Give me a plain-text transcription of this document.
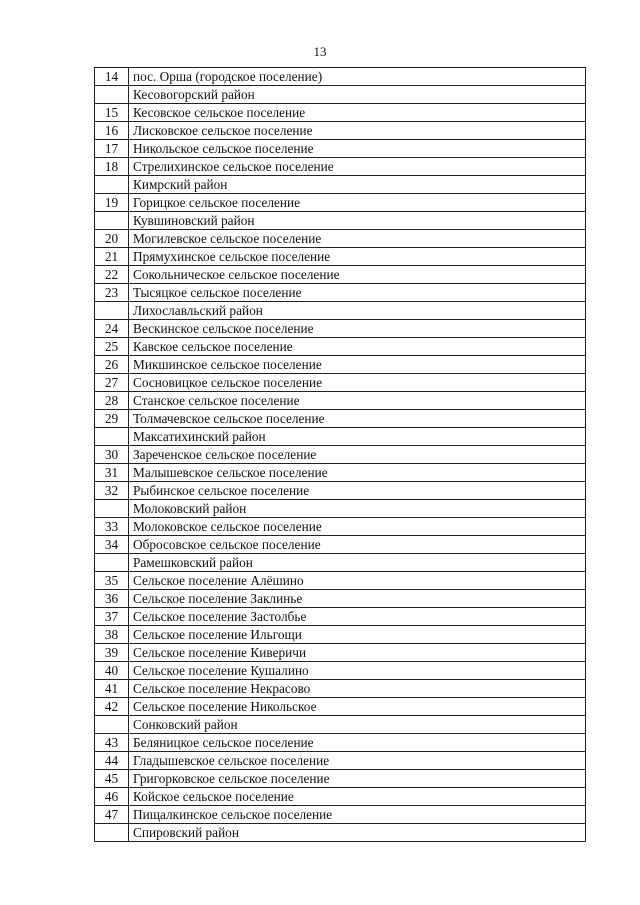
13
14	пос. Орша (городское поселение)
	Кесовогорский район
15	Кесовское сельское поселение
16	Лисковское сельское поселение
17	Никольское сельское поселение
18	Стрелихинское сельское поселение
	Кимрский район
19	Горицкое сельское поселение
	Кувшиновский район
20	Могилевское сельское поселение
21	Прямухинское сельское поселение
22	Сокольническое сельское поселение
23	Тысяцкое сельское поселение
	Лихославльский район
24	Вескинское сельское поселение
25	Кавское сельское поселение
26	Микшинское сельское поселение
27	Сосновицкое сельское поселение
28	Станское сельское поселение
29	Толмачевское сельское поселение
	Максатихинский район
30	Зареченское сельское поселение
31	Малышевское сельское поселение
32	Рыбинское сельское поселение
	Молоковский район
33	Молоковское сельское поселение
34	Обросовское сельское поселение
	Рамешковский район
35	Сельское поселение Алёшино
36	Сельское поселение Заклинье
37	Сельское поселение Застолбье
38	Сельское поселение Ильгощи
39	Сельское поселение Киверичи
40	Сельское поселение Кушалино
41	Сельское поселение Некрасово
42	Сельское поселение Никольское
	Сонковский район
43	Беляницкое сельское поселение
44	Гладышевское сельское поселение
45	Григорковское сельское поселение
46	Койское сельское поселение
47	Пищалкинское сельское поселение
	Спировский район
